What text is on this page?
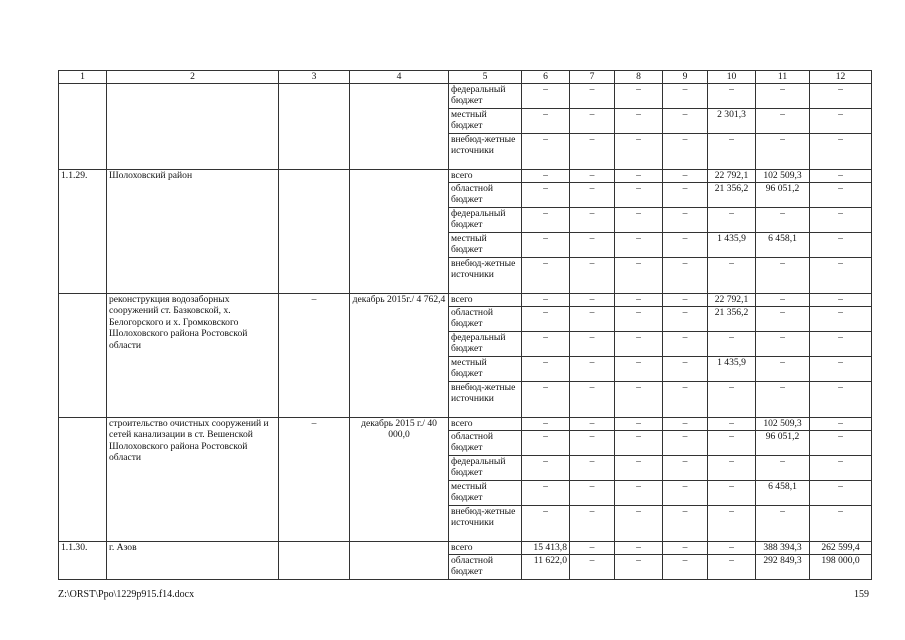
1	2	3	4	5	6	7	8	9	10	11	12
				федеральный бюджет	–	–	–	–	–	–	–
				местный бюджет	–	–	–	–	2 301,3	–	–
				внебюд-жетные источники	–	–	–	–	–	–	–
1.1.29.	Шолоховский район			всего	–	–	–	–	22 792,1	102 509,3	–
				областной бюджет	–	–	–	–	21 356,2	96 051,2	–
				федеральный бюджет	–	–	–	–	–	–	–
				местный бюджет	–	–	–	–	1 435,9	6 458,1	–
				внебюд-жетные источники	–	–	–	–	–	–	–
	реконструкция водозаборных сооружений ст. Базковской, х. Белогорского и х. Громковского Шолоховского района Ростовской области	–	декабрь 2015г./ 4 762,4	всего	–	–	–	–	22 792,1	–	–
				областной бюджет	–	–	–	–	21 356,2	–	–
				федеральный бюджет	–	–	–	–	–	–	–
				местный бюджет	–	–	–	–	1 435,9	–	–
				внебюд-жетные источники	–	–	–	–	–	–	–
	строительство очистных сооружений и сетей канализации в ст. Вешенской Шолоховского района Ростовской области	–	декабрь 2015 г./ 40 000,0	всего	–	–	–	–	–	102 509,3	–
				областной бюджет	–	–	–	–	–	96 051,2	–
				федеральный бюджет	–	–	–	–	–	–	–
				местный бюджет	–	–	–	–	–	6 458,1	–
				внебюд-жетные источники	–	–	–	–	–	–	–
1.1.30.	г. Азов			всего	15 413,8	–	–	–	–	388 394,3	262 599,4
				областной бюджет	11 622,0	–	–	–	–	292 849,3	198 000,0
Z:\ORST\Ppo\1229p915.f14.docx	159
